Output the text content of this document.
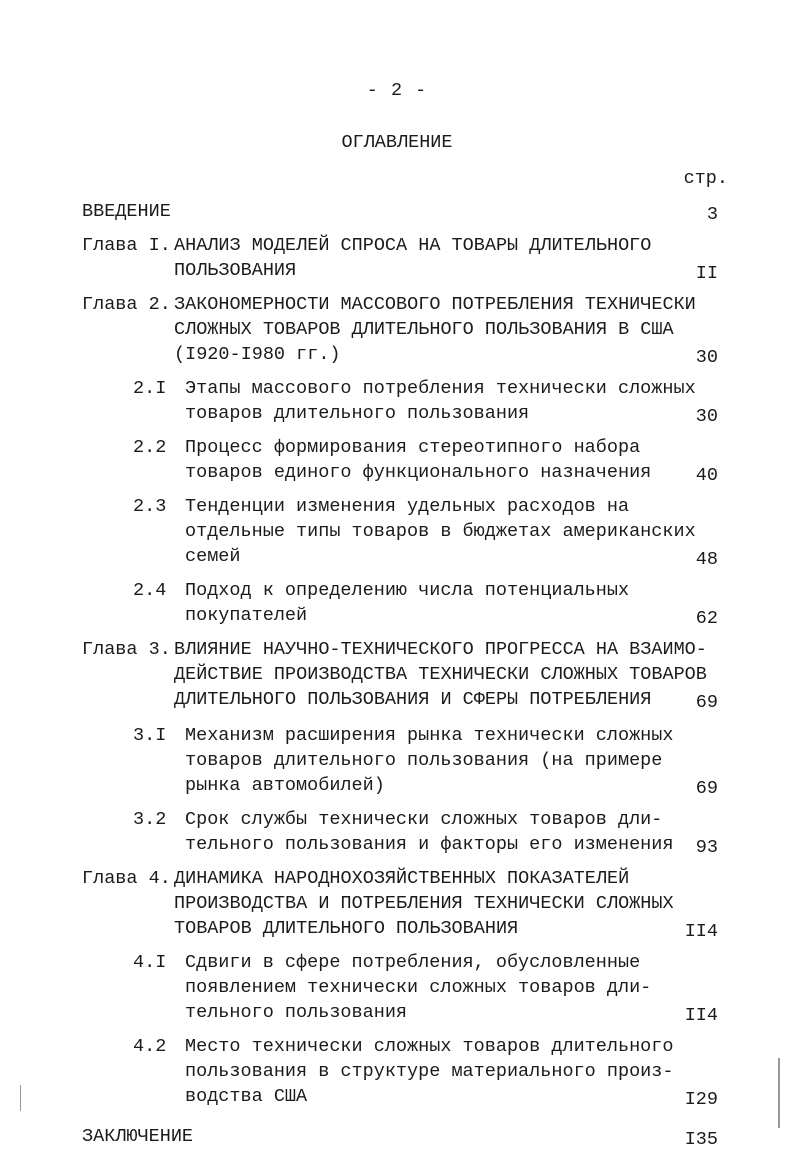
- 2 -
ОГЛАВЛЕНИЕ
стр.
ВВЕДЕНИЕ	3
Глава I. АНАЛИЗ МОДЕЛЕЙ СПРОСА НА ТОВАРЫ ДЛИТЕЛЬНОГО
ПОЛЬЗОВАНИЯ	II
Глава 2. ЗАКОНОМЕРНОСТИ МАССОВОГО ПОТРЕБЛЕНИЯ ТЕХНИЧЕСКИ
СЛОЖНЫХ ТОВАРОВ ДЛИТЕЛЬНОГО ПОЛЬЗОВАНИЯ В США
(I920-I980 гг.)	30
2.I Этапы массового потребления технически сложных
товаров длительного пользования	30
2.2 Процесс формирования стереотипного набора
товаров единого функционального назначения	40
2.3 Тенденции изменения удельных расходов на
отдельные типы товаров в бюджетах американских
семей	48
2.4 Подход к определению числа потенциальных
покупателей	62
Глава 3. ВЛИЯНИЕ НАУЧНО-ТЕХНИЧЕСКОГО ПРОГРЕССА НА ВЗАИМО-
ДЕЙСТВИЕ ПРОИЗВОДСТВА ТЕХНИЧЕСКИ СЛОЖНЫХ ТОВАРОВ
ДЛИТЕЛЬНОГО ПОЛЬЗОВАНИЯ И СФЕРЫ ПОТРЕБЛЕНИЯ	69
3.I Механизм расширения рынка технически сложных
товаров длительного пользования (на примере
рынка автомобилей)	69
3.2 Срок службы технически сложных товаров дли-
тельного пользования и факторы его изменения	93
Глава 4. ДИНАМИКА НАРОДНОХОЗЯЙСТВЕННЫХ ПОКАЗАТЕЛЕЙ
ПРОИЗВОДСТВА И ПОТРЕБЛЕНИЯ ТЕХНИЧЕСКИ СЛОЖНЫХ
ТОВАРОВ ДЛИТЕЛЬНОГО ПОЛЬЗОВАНИЯ	II4
4.I Сдвиги в сфере потребления, обусловленные
появлением технически сложных товаров дли-
тельного пользования	II4
4.2 Место технически сложных товаров длительного
пользования в структуре материального произ-
водства США	I29
ЗАКЛЮЧЕНИЕ	I35
